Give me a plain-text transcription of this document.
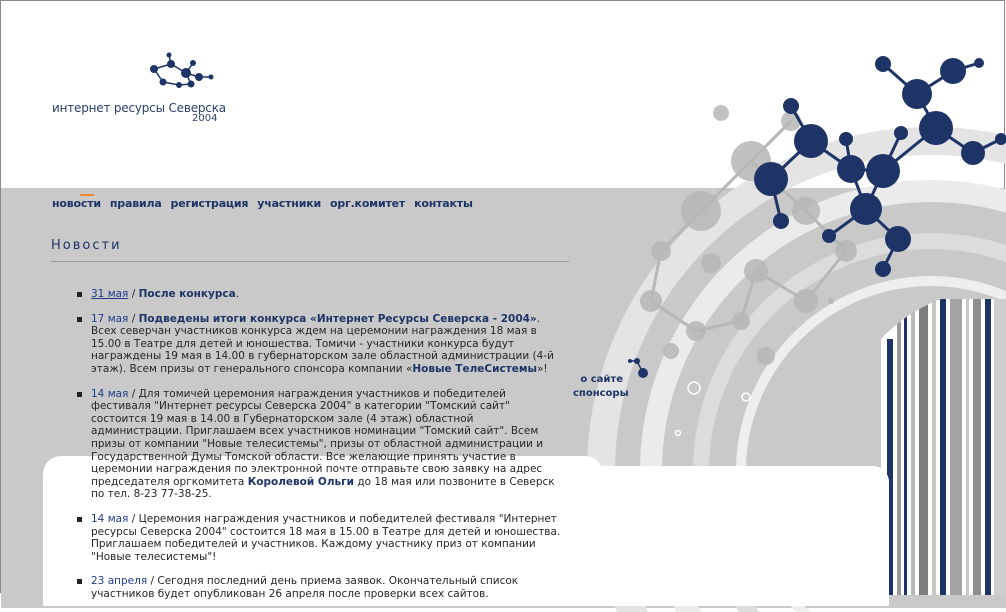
интернет ресурсы Северска
2004
новости правила регистрация участники орг.комитет контакты
Новости
31 мая / После конкурса.
17 мая / Подведены итоги конкурса «Интернет Ресурсы Северска - 2004». Всех северчан участников конкурса ждем на церемонии награждения 18 мая в 15.00 в Театре для детей и юношества. Томичи - участники конкурса будут награждены 19 мая в 14.00 в губернаторском зале областной администрации (4-й этаж). Всем призы от генерального спонсора компании «Новые ТелеСистемы»!
14 мая / Для томичей церемония награждения участников и победителей фестиваля "Интернет ресурсы Северска 2004" в категории "Томский сайт" состоится 19 мая в 14.00 в Губернаторском зале (4 этаж) областной администрации. Приглашаем всех участников номинации "Томский сайт". Всем призы от компании "Новые телесистемы", призы от областной администрации и Государственной Думы Томской области. Все желающие принять участие в церемонии награждения по электронной почте отправьте свою заявку на адрес председателя оргкомитета Королевой Ольги до 18 мая или позвоните в Северск по тел. 8-23 77-38-25.
14 мая / Церемония награждения участников и победителей фестиваля "Интернет ресурсы Северска 2004" состоится 18 мая в 15.00 в Театре для детей и юношества. Приглашаем победителей и участников. Каждому участнику приз от компании "Новые телесистемы"!
23 апреля / Сегодня последний день приема заявок. Окончательный список участников будет опубликован 26 апреля после проверки всех сайтов.
о сайте
спонсоры
